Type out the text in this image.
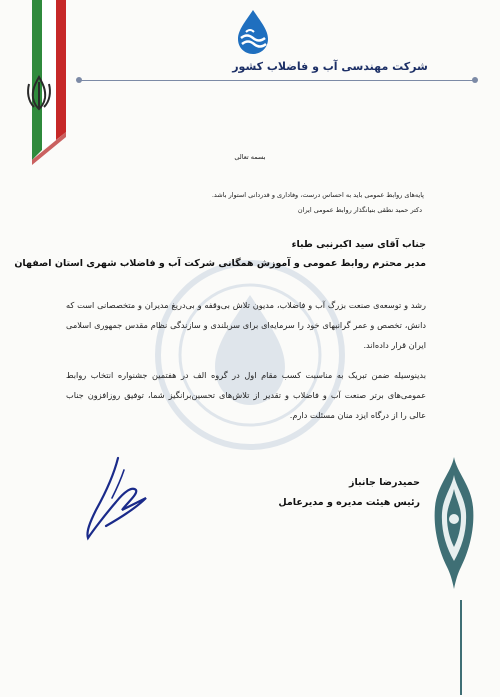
شرکت مهندسی آب و فاضلاب کشور
بسمه تعالی
پایه‌های روابط عمومی باید به احساس درست، وفاداری و قدردانی استوار باشد.
دکتر حمید نطقی بنیانگذار روابط عمومی ایران
جناب آقای سید اکبرنبی طباء
مدیر محترم روابط عمومی و آموزش همگانی شرکت آب و فاضلاب شهری استان اصفهان
رشد و توسعه‌ی صنعت بزرگ آب و فاضلاب، مدیون تلاش بی‌وقفه و بی‌دریغ مدیران و متخصصانی است که دانش، تخصص و عمر گرانبهای خود را سرمایه‌ای برای سربلندی و سازندگی نظام مقدس جمهوری اسلامی ایران قرار داده‌اند.
بدینوسیله ضمن تبریک به مناسبت کسب مقام اول در گروه الف در هفتمین جشنواره انتخاب روابط عمومی‌های برتر صنعت آب و فاضلاب و تقدیر از تلاش‌های تحسین‌برانگیز شما، توفیق روزافزون جناب عالی را از درگاه ایزد منان مسئلت دارم.
حمیدرضا جانباز
رئیس هیئت مدیره و مدیرعامل
